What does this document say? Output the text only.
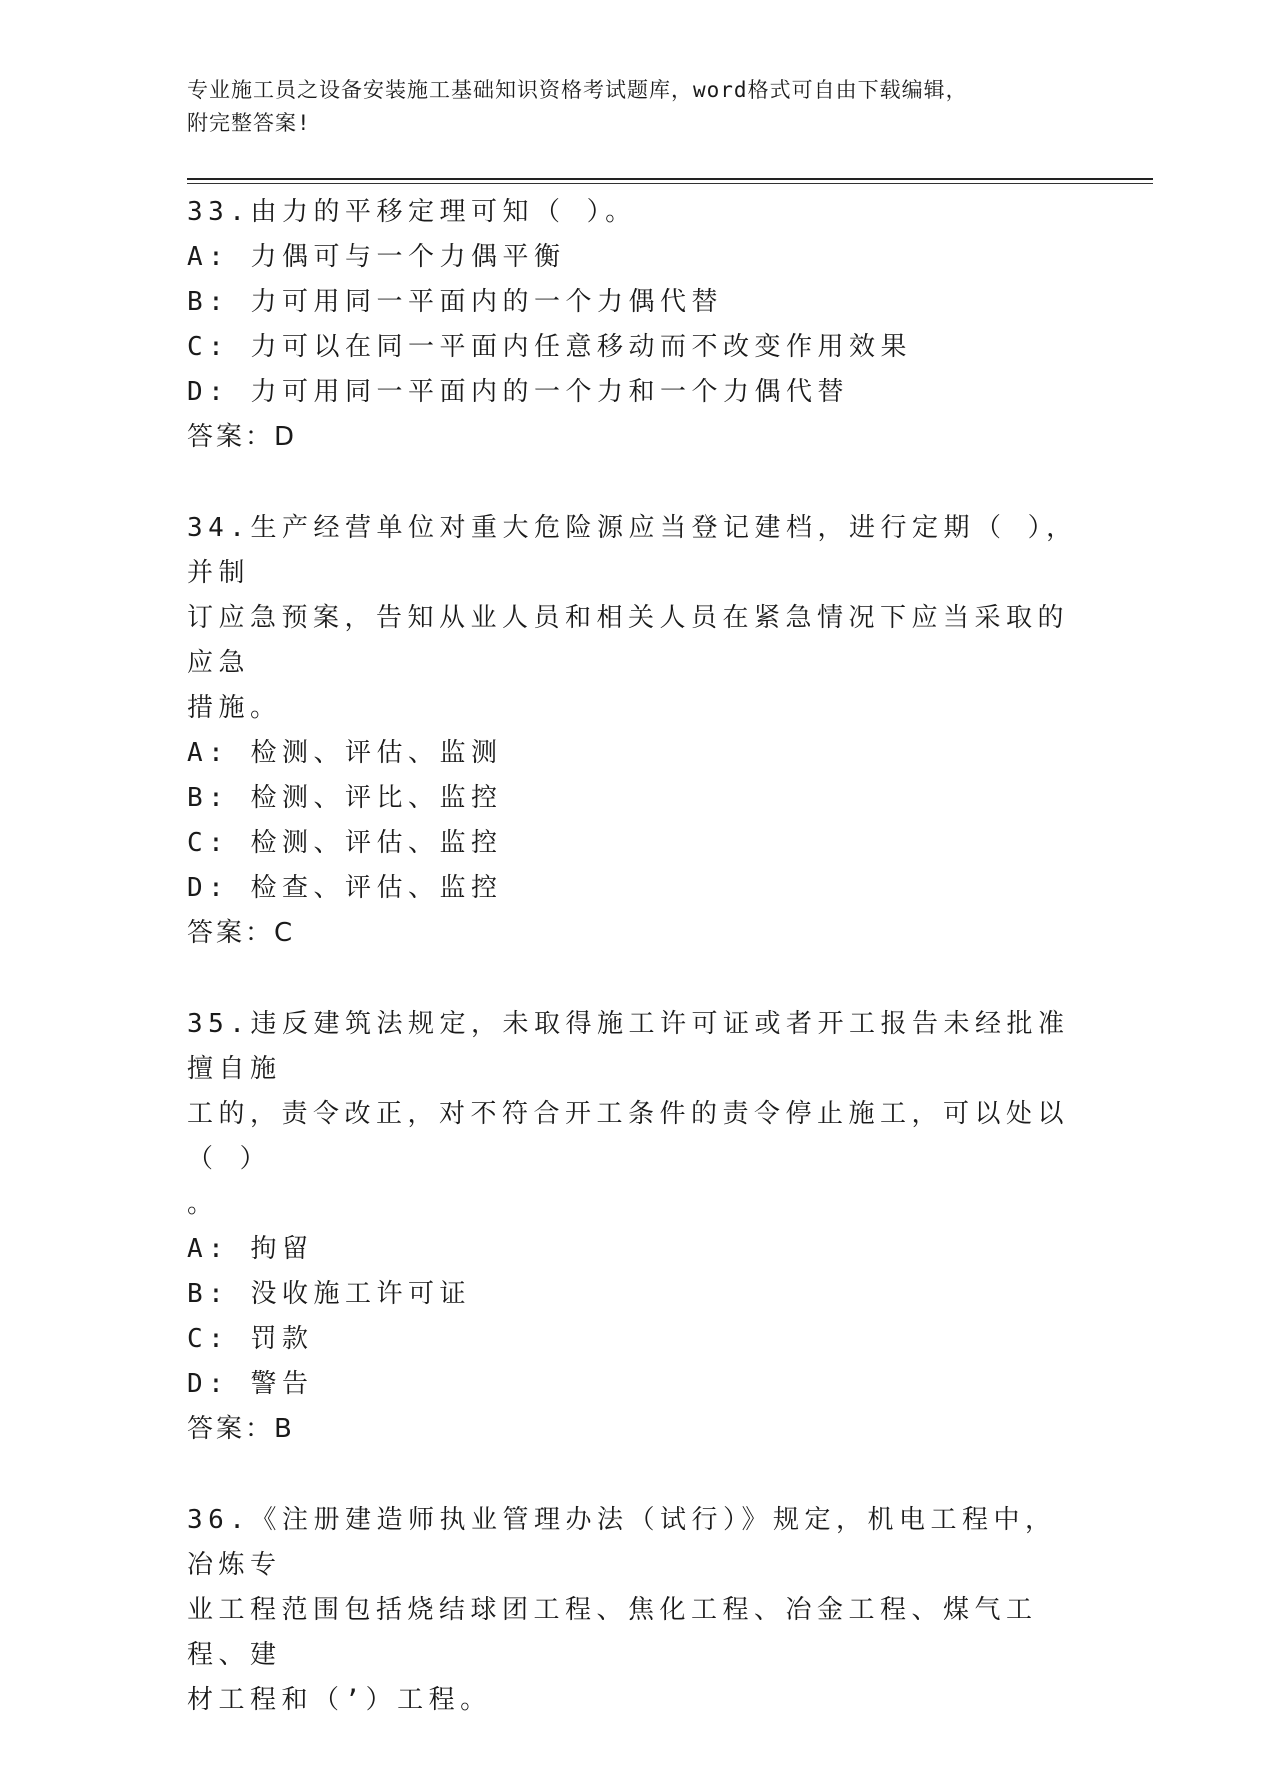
专业施工员之设备安装施工基础知识资格考试题库，word格式可自由下载编辑，
附完整答案!
33.由力的平移定理可知（ ）。
A: 力偶可与一个力偶平衡
B: 力可用同一平面内的一个力偶代替
C: 力可以在同一平面内任意移动而不改变作用效果
D: 力可用同一平面内的一个力和一个力偶代替
答案： D
34.生产经营单位对重大危险源应当登记建档，进行定期（ ），并制
订应急预案，告知从业人员和相关人员在紧急情况下应当采取的应急
措施。
A: 检测、评估、监测
B: 检测、评比、监控
C: 检测、评估、监控
D: 检查、评估、监控
答案： C
35.违反建筑法规定，未取得施工许可证或者开工报告未经批准擅自施
工的，责令改正，对不符合开工条件的责令停止施工，可以处以（ ）
。
A: 拘留
B: 没收施工许可证
C: 罚款
D: 警告
答案： B
36.《注册建造师执业管理办法（试行）》规定，机电工程中，冶炼专
业工程范围包括烧结球团工程、焦化工程、冶金工程、煤气工程、建
材工程和（’）工程。
